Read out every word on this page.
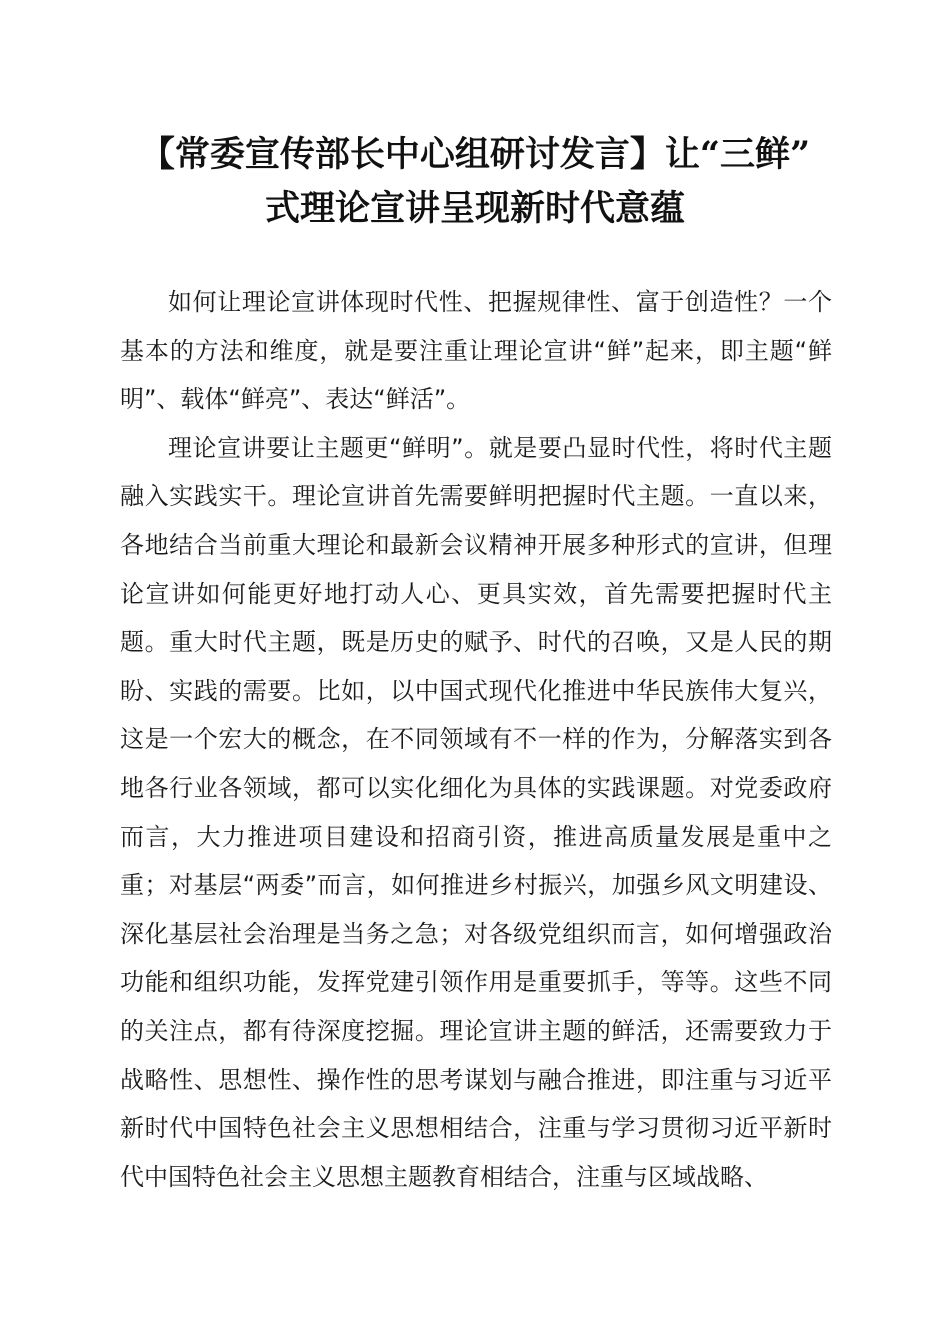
【常委宣传部长中心组研讨发言】让“三鲜”
式理论宣讲呈现新时代意蕴

如何让理论宣讲体现时代性、把握规律性、富于创造性？一个基本的方法和维度，就是要注重让理论宣讲“鲜”起来，即主题“鲜明”、载体“鲜亮”、表达“鲜活”。

理论宣讲要让主题更“鲜明”。就是要凸显时代性，将时代主题融入实践实干。理论宣讲首先需要鲜明把握时代主题。一直以来，各地结合当前重大理论和最新会议精神开展多种形式的宣讲，但理论宣讲如何能更好地打动人心、更具实效，首先需要把握时代主题。重大时代主题，既是历史的赋予、时代的召唤，又是人民的期盼、实践的需要。比如，以中国式现代化推进中华民族伟大复兴，这是一个宏大的概念，在不同领域有不一样的作为，分解落实到各地各行业各领域，都可以实化细化为具体的实践课题。对党委政府而言，大力推进项目建设和招商引资，推进高质量发展是重中之重；对基层“两委”而言，如何推进乡村振兴，加强乡风文明建设、深化基层社会治理是当务之急；对各级党组织而言，如何增强政治功能和组织功能，发挥党建引领作用是重要抓手，等等。这些不同的关注点，都有待深度挖掘。理论宣讲主题的鲜活，还需要致力于战略性、思想性、操作性的思考谋划与融合推进，即注重与习近平新时代中国特色社会主义思想相结合，注重与学习贯彻习近平新时代中国特色社会主义思想主题教育相结合，注重与区域战略、
